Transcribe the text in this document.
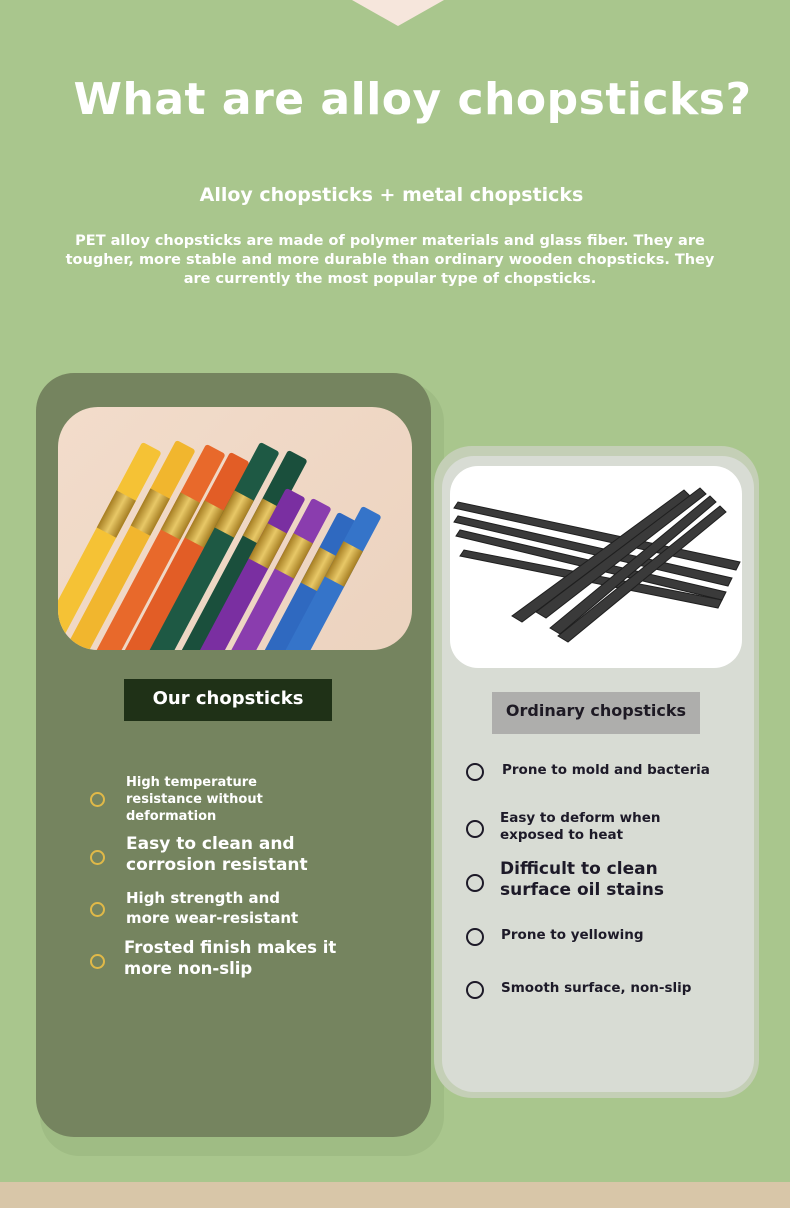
What are alloy chopsticks?
Alloy chopsticks + metal chopsticks
PET alloy chopsticks are made of polymer materials and glass fiber. They are tougher, more stable and more durable than ordinary wooden chopsticks. They are currently the most popular type of chopsticks.
Our chopsticks
High temperature resistance without deformation
Easy to clean and corrosion resistant
High strength and more wear-resistant
Frosted finish makes it more non-slip
Ordinary chopsticks
Prone to mold and bacteria
Easy to deform when exposed to heat
Difficult to clean surface oil stains
Prone to yellowing
Smooth surface, non-slip
